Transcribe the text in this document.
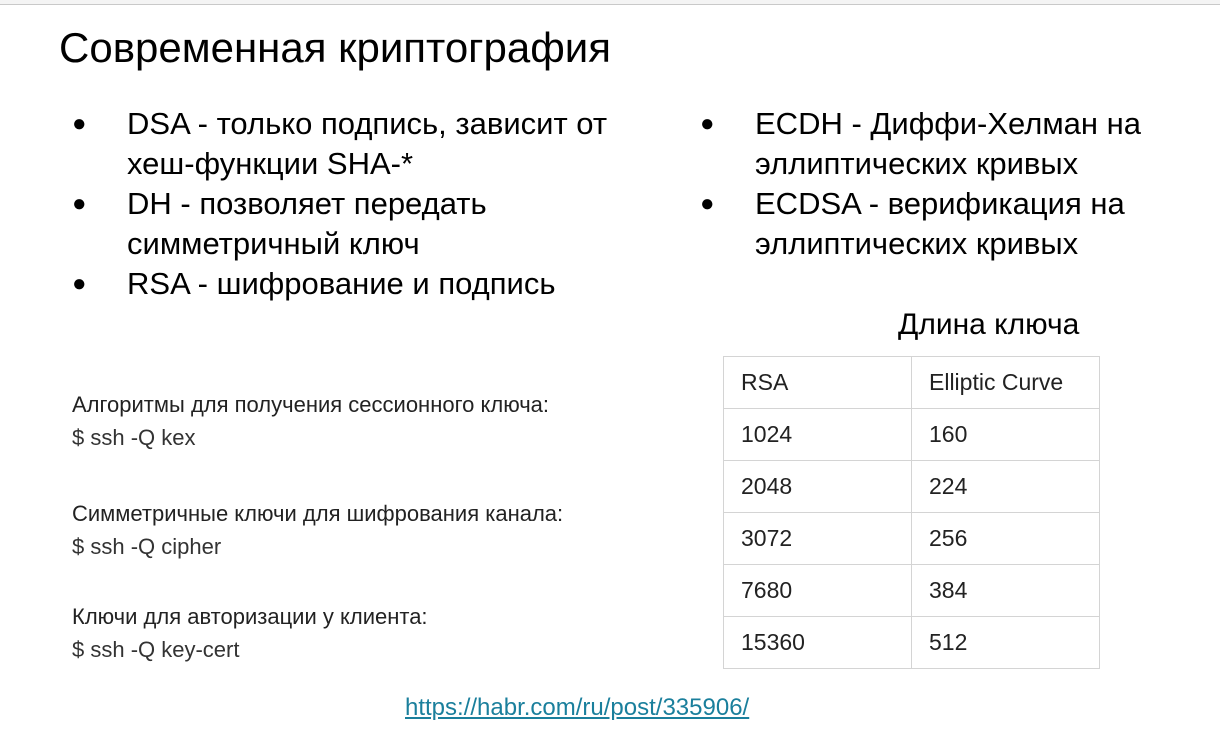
Современная криптография
● DSA - только подпись, зависит от хеш-функции SHA-*
● DH - позволяет передать симметричный ключ
● RSA - шифрование и подпись
● ECDH - Диффи-Хелман на эллиптических кривых
● ECDSA - верификация на эллиптических кривых
Длина ключа
RSA	Elliptic Curve
1024	160
2048	224
3072	256
7680	384
15360	512
Алгоритмы для получения сессионного ключа:
$ ssh -Q kex
Симметричные ключи для шифрования канала:
$ ssh -Q cipher
Ключи для авторизации у клиента:
$ ssh -Q key-cert
https://habr.com/ru/post/335906/
